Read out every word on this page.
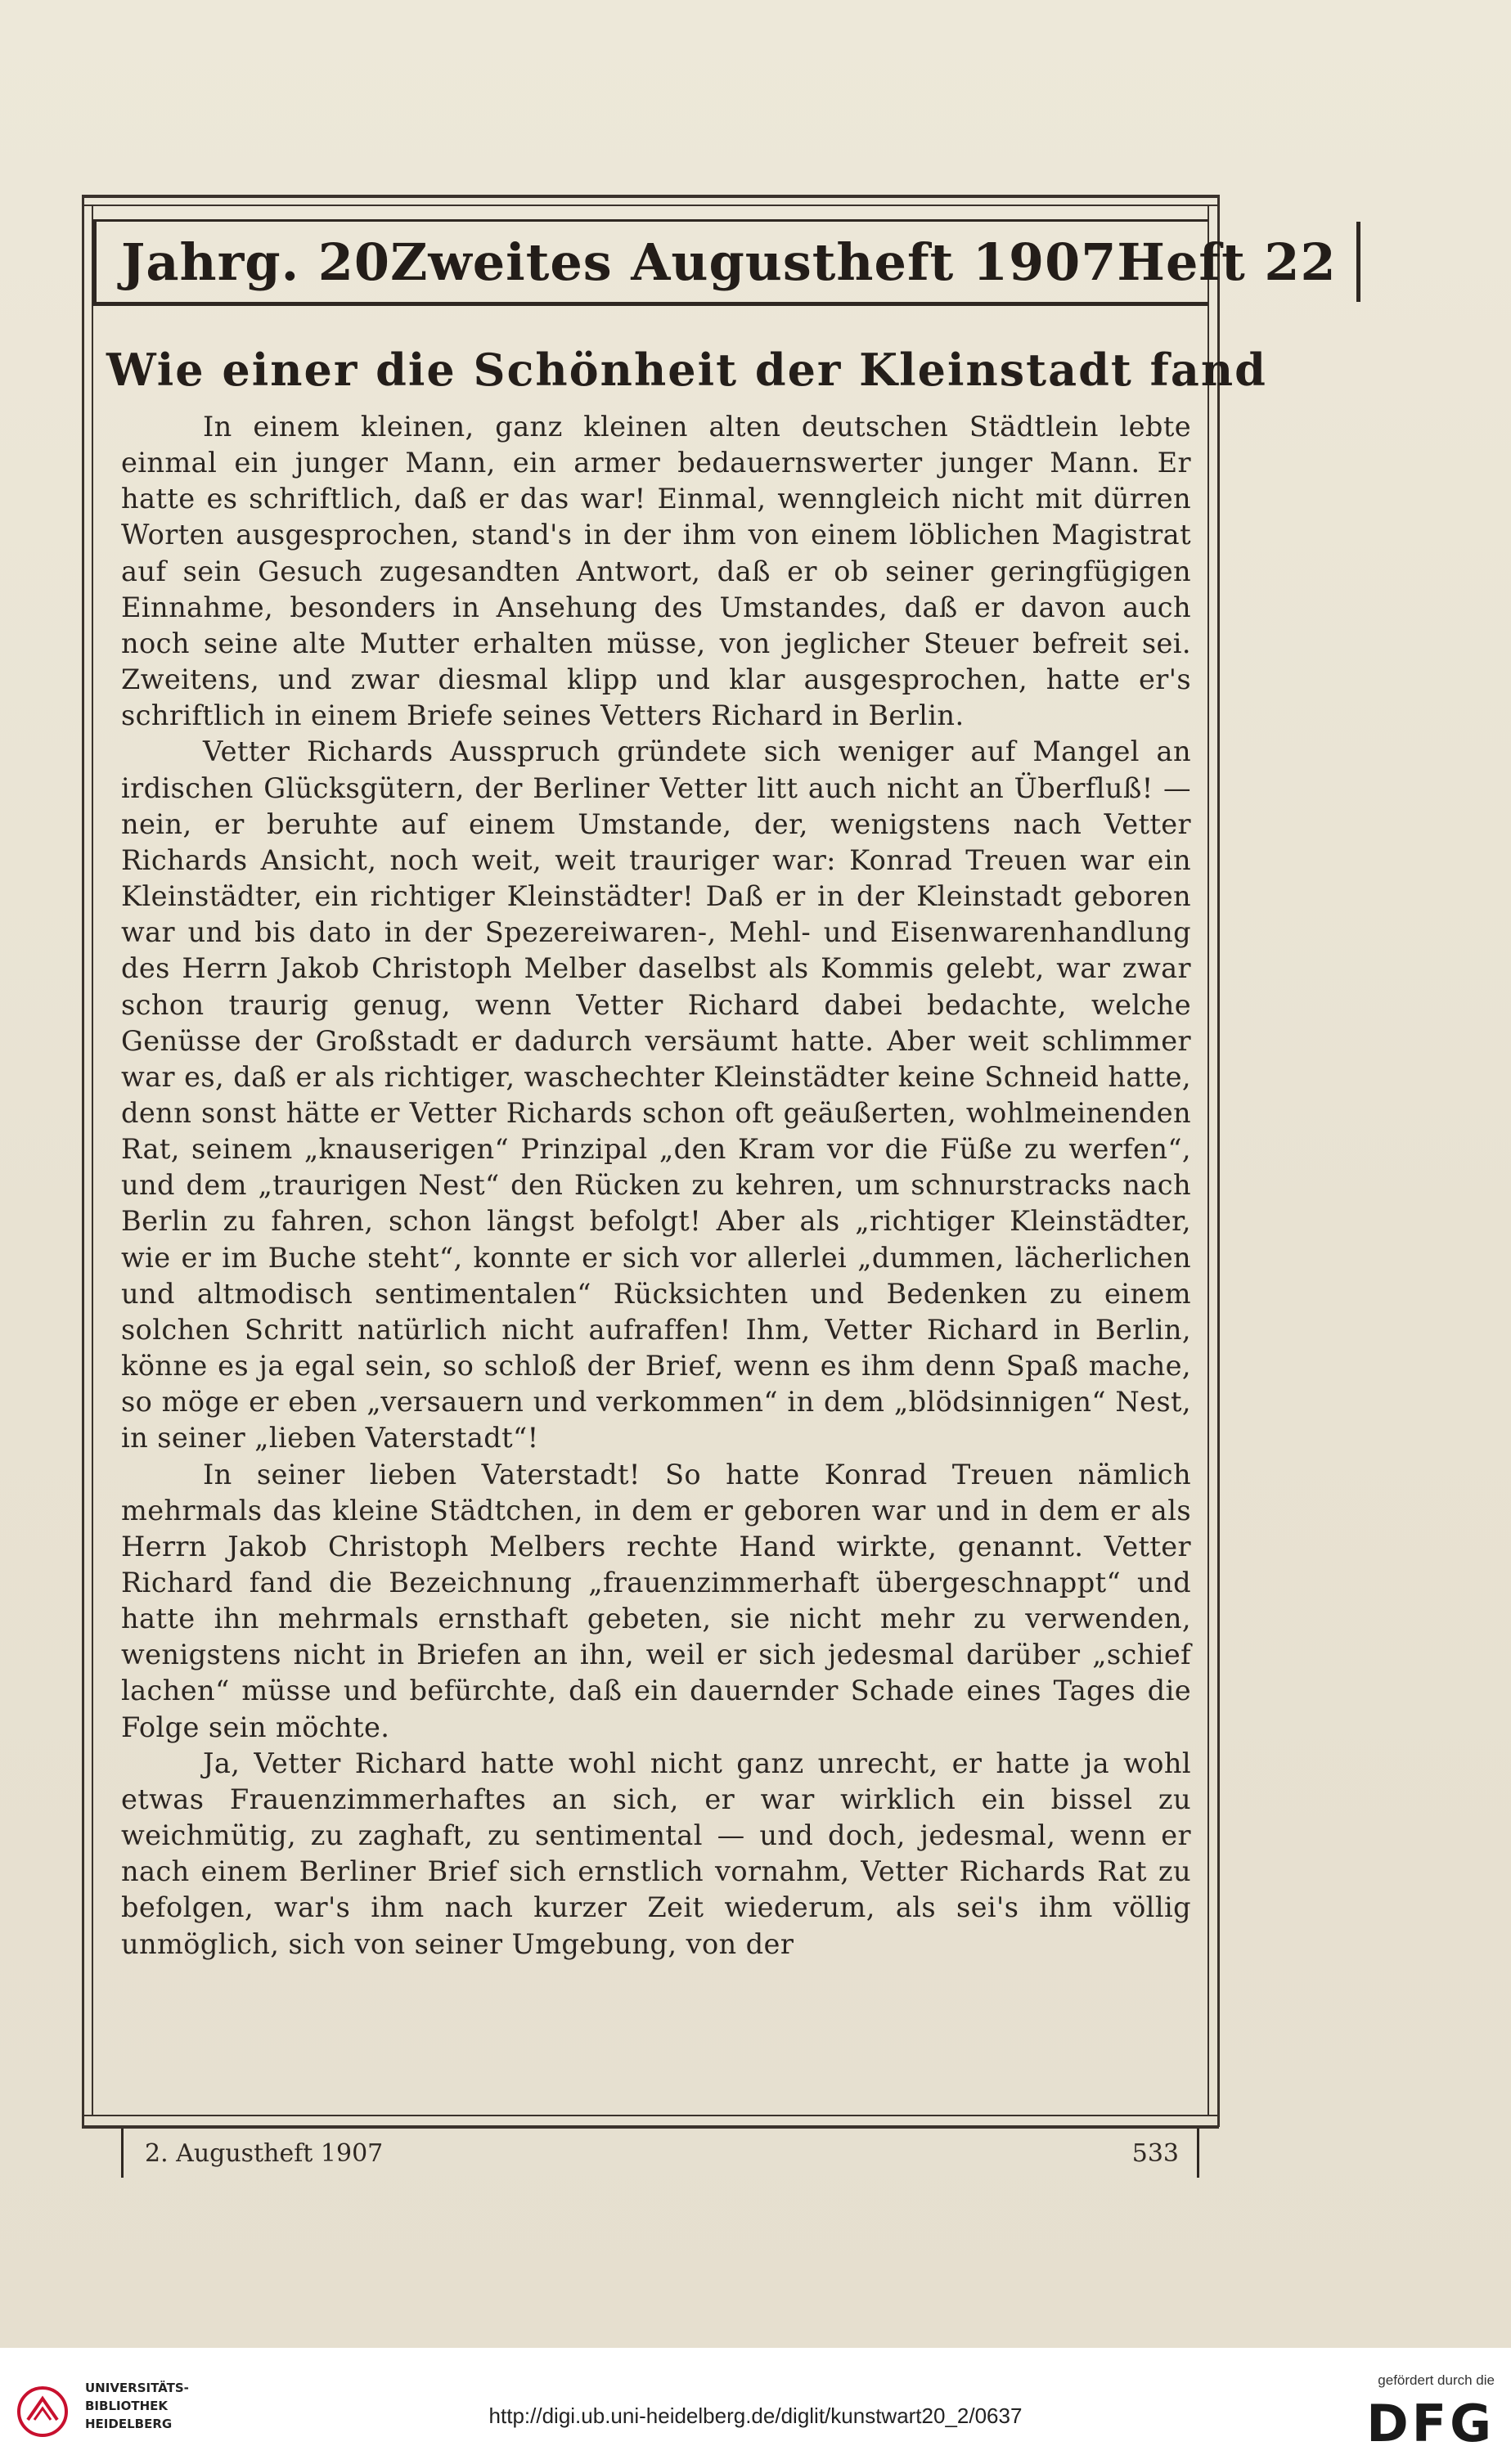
Jahrg. 20 Zweites Augustheft 1907 Heft 22
Wie einer die Schönheit der Kleinstadt fand

In einem kleinen, ganz kleinen alten deutschen Städtlein lebte einmal ein junger Mann, ein armer bedauernswerter junger Mann. Er hatte es schriftlich, daß er das war! Einmal, wenngleich nicht mit dürren Worten ausgesprochen, stand's in der ihm von einem löblichen Magistrat auf sein Gesuch zugesandten Antwort, daß er ob seiner geringfügigen Einnahme, besonders in Ansehung des Umstandes, daß er davon auch noch seine alte Mutter erhalten müsse, von jeglicher Steuer befreit sei. Zweitens, und zwar diesmal klipp und klar ausgesprochen, hatte er's schriftlich in einem Briefe seines Vetters Richard in Berlin.

Vetter Richards Ausspruch gründete sich weniger auf Mangel an irdischen Glücksgütern, der Berliner Vetter litt auch nicht an Überfluß! — nein, er beruhte auf einem Umstande, der, wenigstens nach Vetter Richards Ansicht, noch weit, weit trauriger war: Konrad Treuen war ein Kleinstädter, ein richtiger Kleinstädter! Daß er in der Kleinstadt geboren war und bis dato in der Spezereiwaren-, Mehl- und Eisenwarenhandlung des Herrn Jakob Christoph Melber daselbst als Kommis gelebt, war zwar schon traurig genug, wenn Vetter Richard dabei bedachte, welche Genüsse der Großstadt er dadurch versäumt hatte. Aber weit schlimmer war es, daß er als richtiger, waschechter Kleinstädter keine Schneid hatte, denn sonst hätte er Vetter Richards schon oft geäußerten, wohlmeinenden Rat, seinem „knauserigen“ Prinzipal „den Kram vor die Füße zu werfen“, und dem „traurigen Nest“ den Rücken zu kehren, um schnurstracks nach Berlin zu fahren, schon längst befolgt! Aber als „richtiger Kleinstädter, wie er im Buche steht“, konnte er sich vor allerlei „dummen, lächerlichen und altmodisch sentimentalen“ Rücksichten und Bedenken zu einem solchen Schritt natürlich nicht aufraffen! Ihm, Vetter Richard in Berlin, könne es ja egal sein, so schloß der Brief, wenn es ihm denn Spaß mache, so möge er eben „versauern und verkommen“ in dem „blödsinnigen“ Nest, in seiner „lieben Vaterstadt“!

In seiner lieben Vaterstadt! So hatte Konrad Treuen nämlich mehrmals das kleine Städtchen, in dem er geboren war und in dem er als Herrn Jakob Christoph Melbers rechte Hand wirkte, genannt. Vetter Richard fand die Bezeichnung „frauenzimmerhaft übergeschnappt“ und hatte ihn mehrmals ernsthaft gebeten, sie nicht mehr zu verwenden, wenigstens nicht in Briefen an ihn, weil er sich jedesmal darüber „schief lachen“ müsse und befürchte, daß ein dauernder Schade eines Tages die Folge sein möchte.

Ja, Vetter Richard hatte wohl nicht ganz unrecht, er hatte ja wohl etwas Frauenzimmerhaftes an sich, er war wirklich ein bissel zu weichmütig, zu zaghaft, zu sentimental — und doch, jedesmal, wenn er nach einem Berliner Brief sich ernstlich vornahm, Vetter Richards Rat zu befolgen, war's ihm nach kurzer Zeit wiederum, als sei's ihm völlig unmöglich, sich von seiner Umgebung, von der

2. Augustheft 1907	533
UNIVERSITÄTS-
BIBLIOTHEK
HEIDELBERG	http://digi.ub.uni-heidelberg.de/diglit/kunstwart20_2/0637
gefördert durch die
DFG
